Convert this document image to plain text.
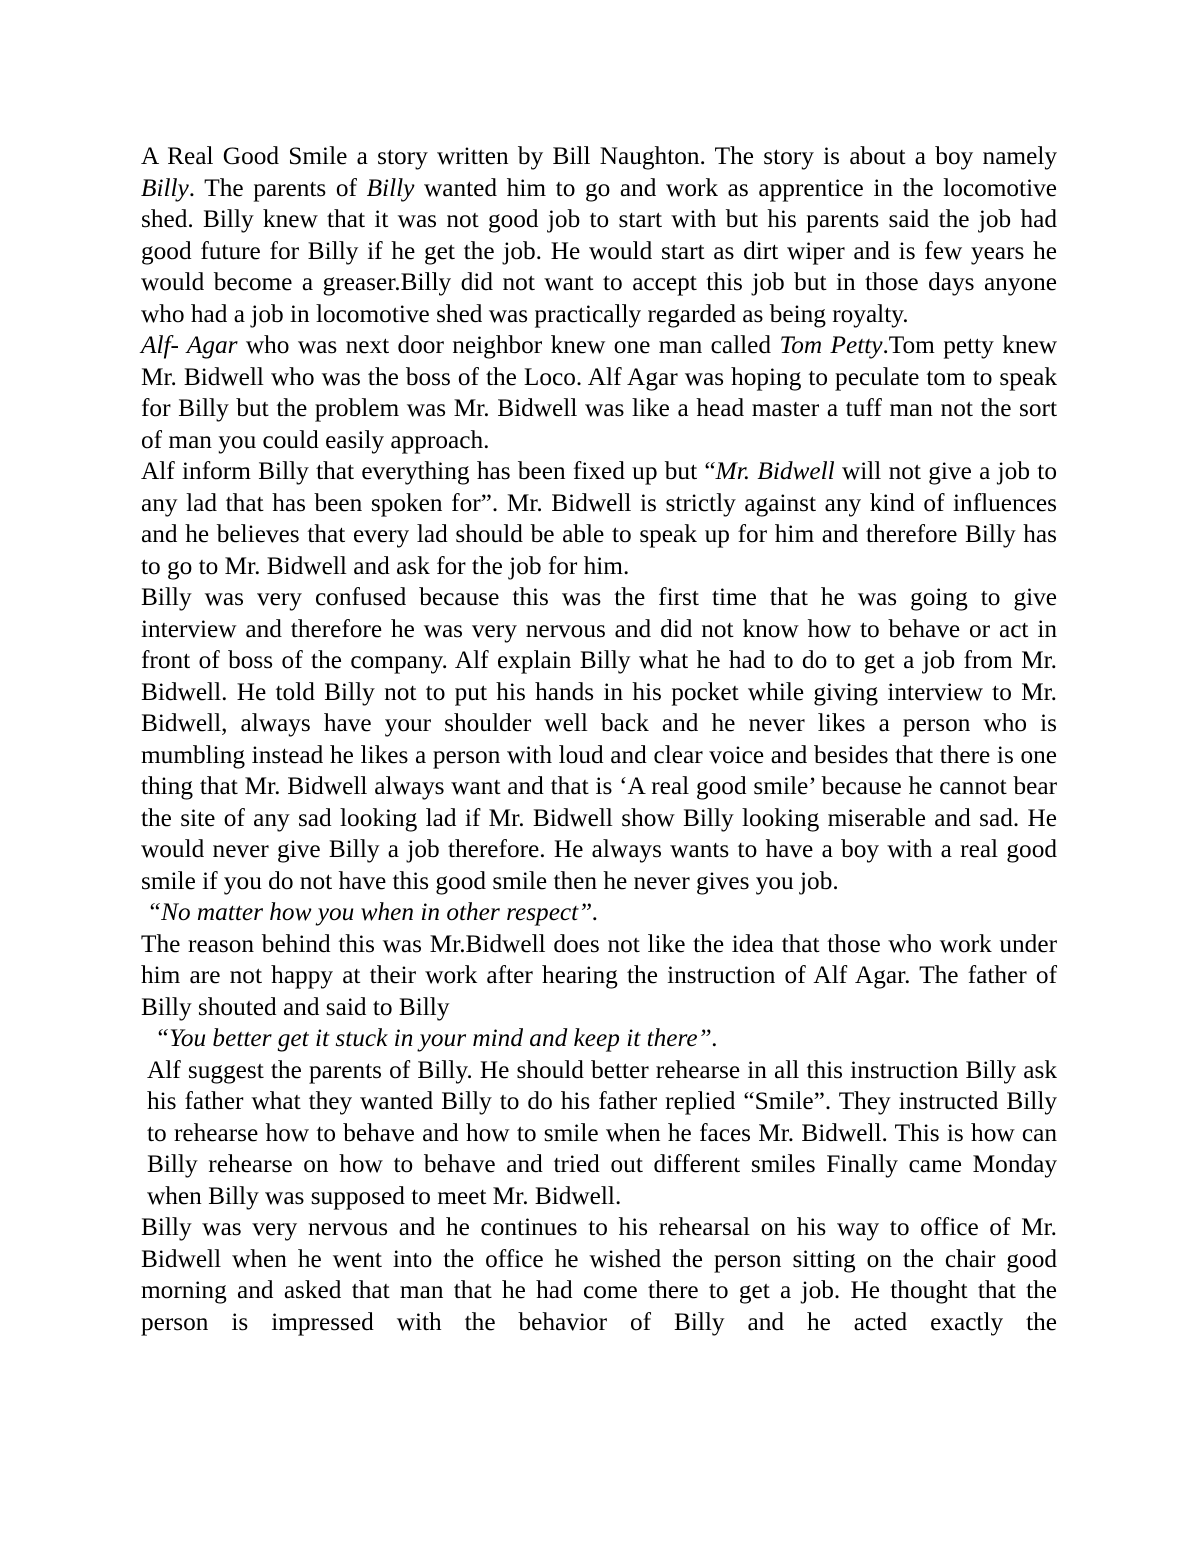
A Real Good Smile a story written by Bill Naughton. The story is about a boy namely Billy. The parents of Billy wanted him to go and work as apprentice in the locomotive shed. Billy knew that it was not good job to start with but his parents said the job had good future for Billy if he get the job. He would start as dirt wiper and is few years he would become a greaser.Billy did not want to accept this job but in those days anyone who had a job in locomotive shed was practically regarded as being royalty.

Alf- Agar who was next door neighbor knew one man called Tom Petty.Tom petty knew Mr. Bidwell who was the boss of the Loco. Alf Agar was hoping to peculate tom to speak for Billy but the problem was Mr. Bidwell was like a head master a tuff man not the sort of man you could easily approach.

Alf inform Billy that everything has been fixed up but “Mr. Bidwell will not give a job to any lad that has been spoken for”. Mr. Bidwell is strictly against any kind of influences and he believes that every lad should be able to speak up for him and therefore Billy has to go to Mr. Bidwell and ask for the job for him.

Billy was very confused because this was the first time that he was going to give interview and therefore he was very nervous and did not know how to behave or act in front of boss of the company. Alf explain Billy what he had to do to get a job from Mr. Bidwell. He told Billy not to put his hands in his pocket while giving interview to Mr. Bidwell, always have your shoulder well back and he never likes a person who is mumbling instead he likes a person with loud and clear voice and besides that there is one thing that Mr. Bidwell always want and that is ‘A real good smile’ because he cannot bear the site of any sad looking lad if Mr. Bidwell show Billy looking miserable and sad. He would never give Billy a job therefore. He always wants to have a boy with a real good smile if you do not have this good smile then he never gives you job.

“No matter how you when in other respect”.

The reason behind this was Mr.Bidwell does not like the idea that those who work under him are not happy at their work after hearing the instruction of Alf Agar. The father of Billy shouted and said to Billy

“You better get it stuck in your mind and keep it there”.

Alf suggest the parents of Billy. He should better rehearse in all this instruction Billy ask his father what they wanted Billy to do his father replied “Smile”. They instructed Billy to rehearse how to behave and how to smile when he faces Mr. Bidwell. This is how can Billy rehearse on how to behave and tried out different smiles Finally came Monday when Billy was supposed to meet Mr. Bidwell.

Billy was very nervous and he continues to his rehearsal on his way to office of Mr. Bidwell when he went into the office he wished the person sitting on the chair good morning and asked that man that he had come there to get a job. He thought that the person is impressed with the behavior of Billy and he acted exactly the
